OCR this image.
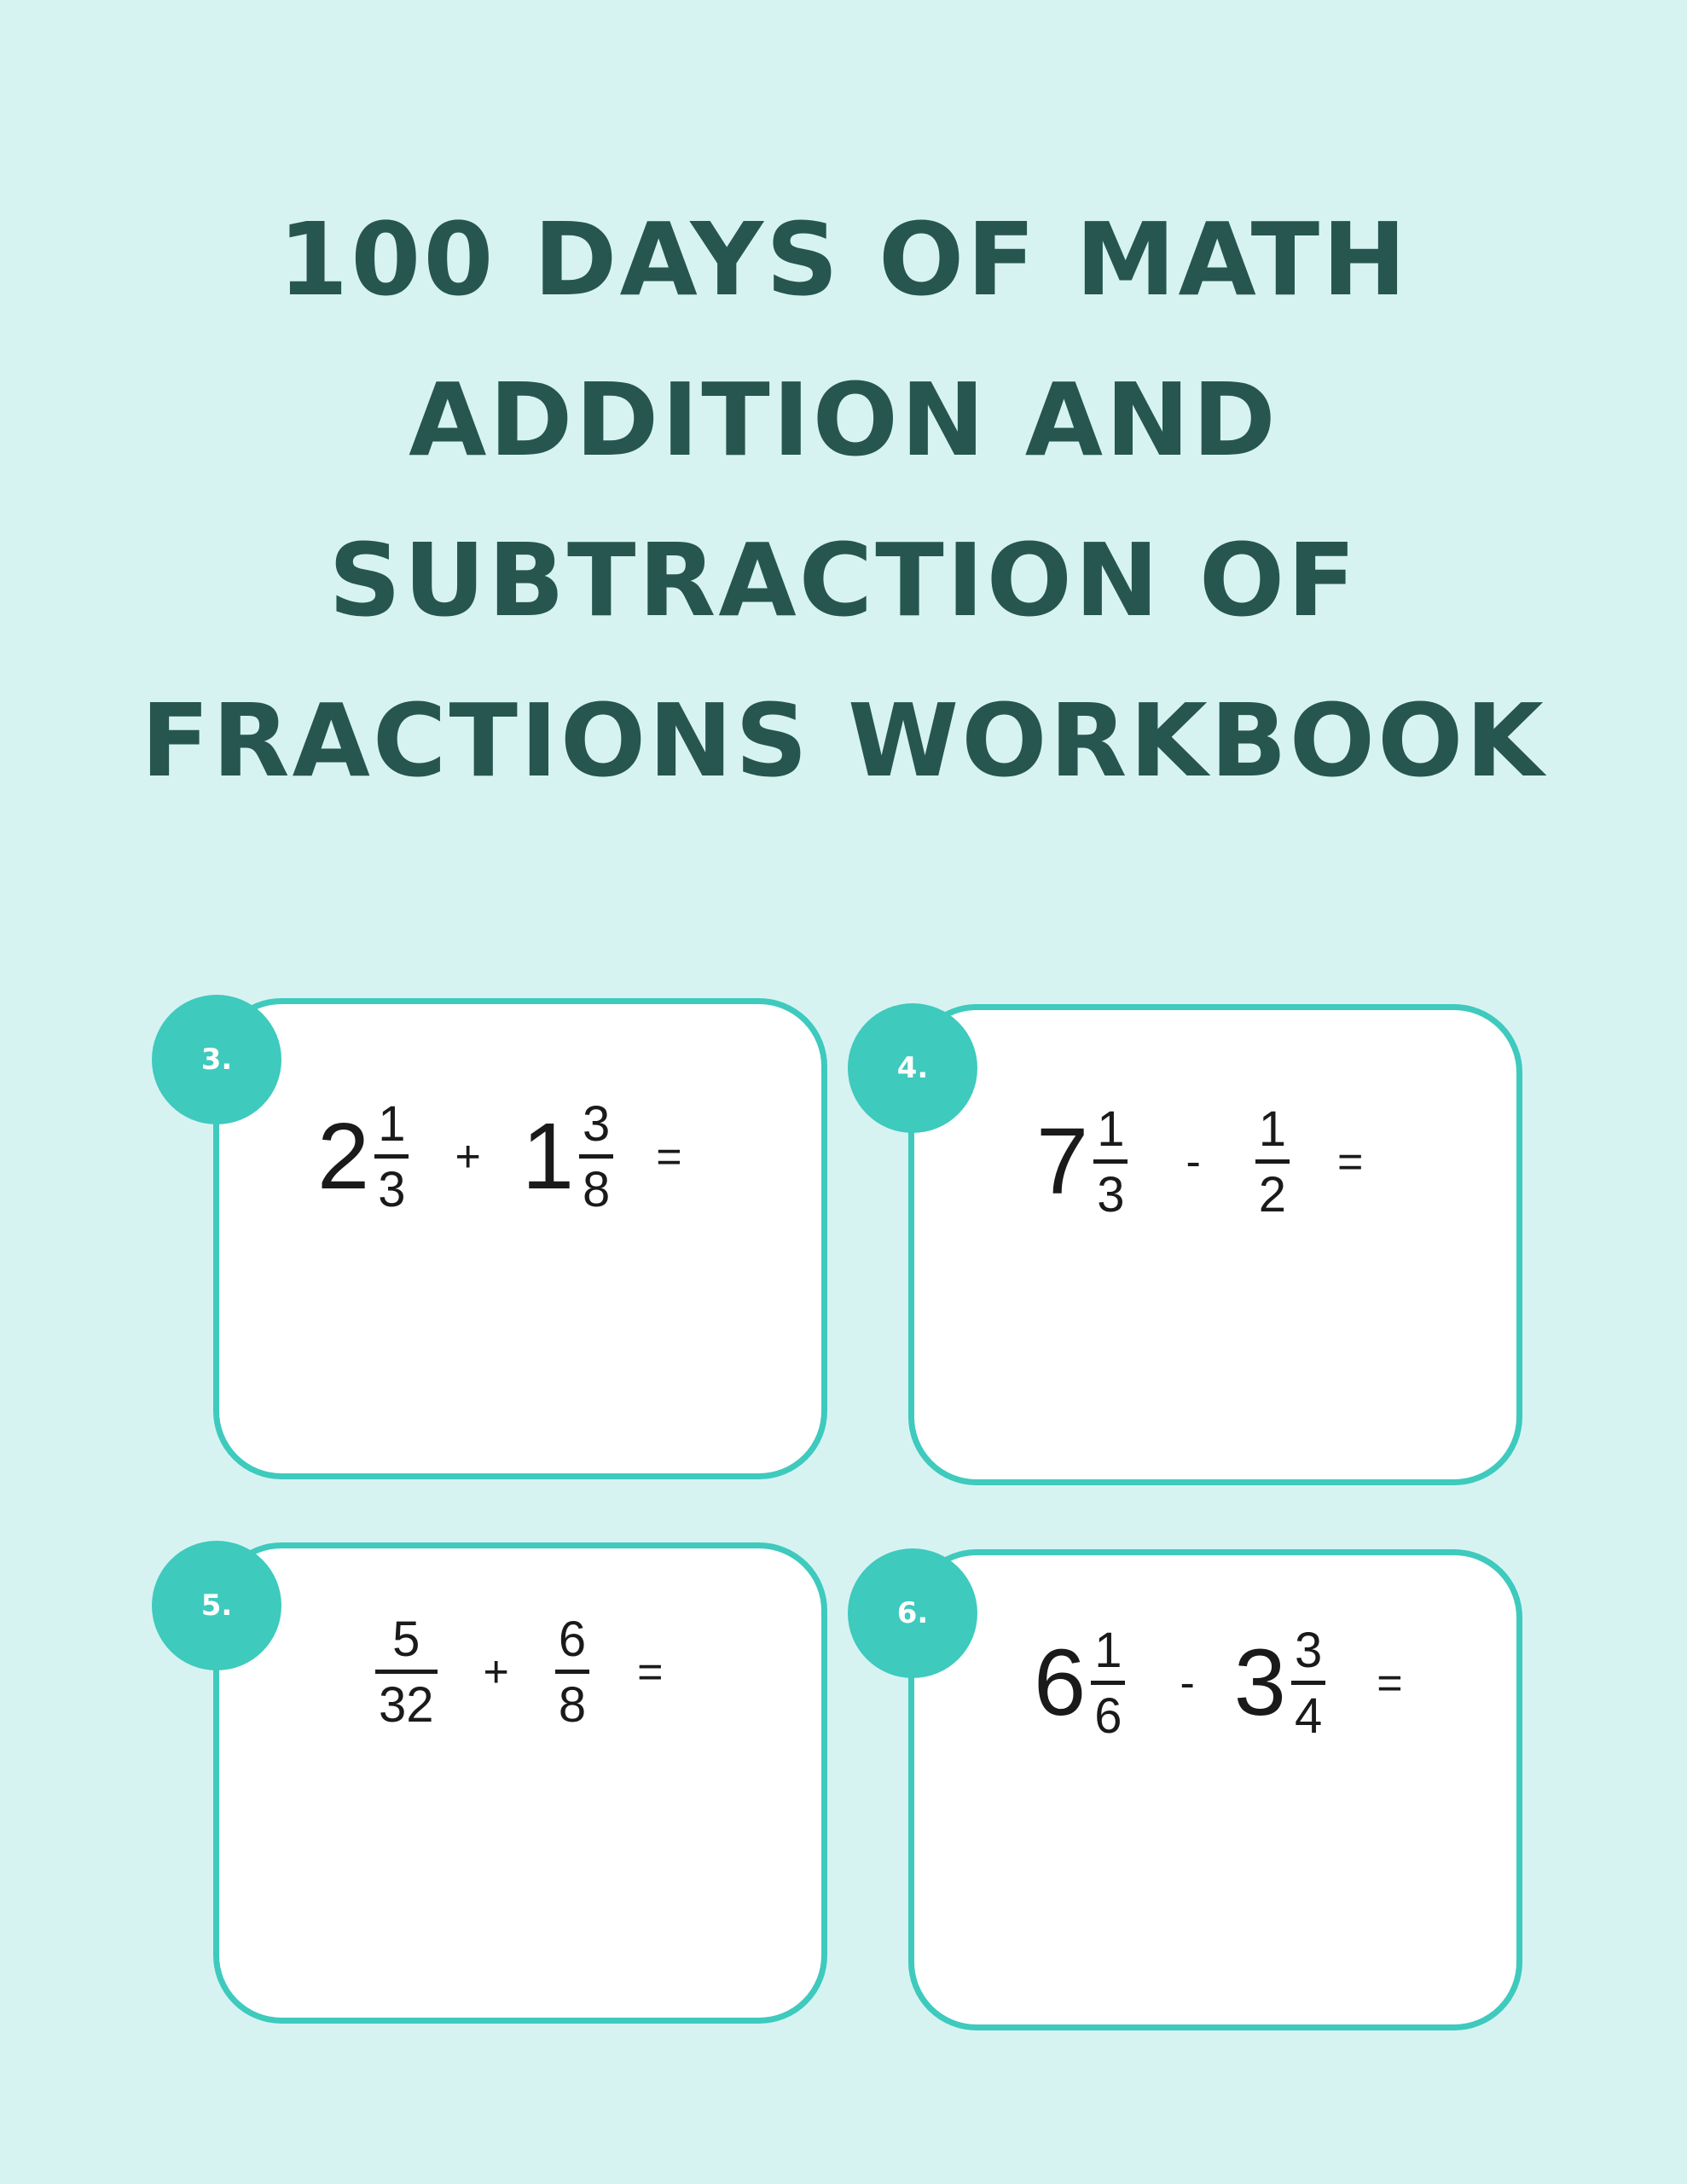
100 DAYS OF MATH
ADDITION AND
SUBTRACTION OF
FRACTIONS WORKBOOK
3.
2 1
3
+ 1 3
8
=
4.
7 1
3
-
1
2
=
5.
5
32
+
6
8
=
6.
6 1
6
- 3 3
4
=
